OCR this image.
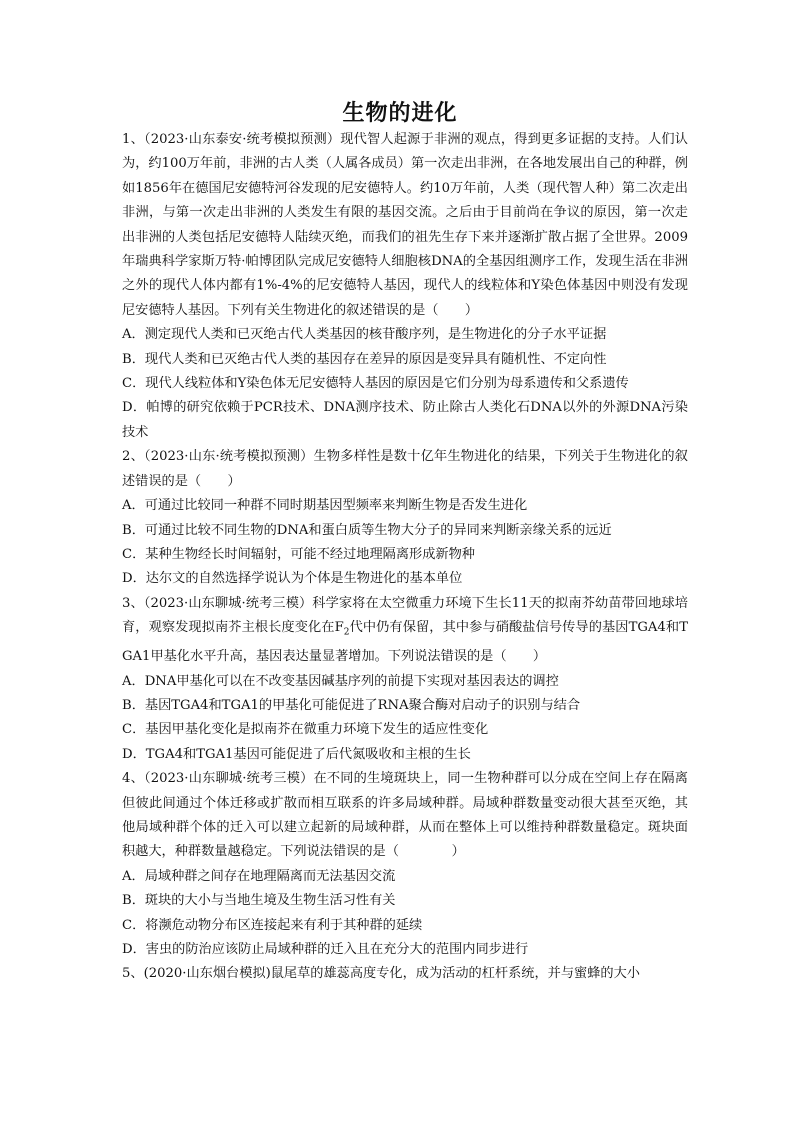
生物的进化

1、（2023·山东泰安·统考模拟预测）现代智人起源于非洲的观点，得到更多证据的支持。人们认为，约100万年前，非洲的古人类（人属各成员）第一次走出非洲，在各地发展出自己的种群，例如1856年在德国尼安德特河谷发现的尼安德特人。约10万年前，人类（现代智人种）第二次走出非洲，与第一次走出非洲的人类发生有限的基因交流。之后由于目前尚在争议的原因，第一次走出非洲的人类包括尼安德特人陆续灭绝，而我们的祖先生存下来并逐渐扩散占据了全世界。2009年瑞典科学家斯万特·帕博团队完成尼安德特人细胞核DNA的全基因组测序工作，发现生活在非洲之外的现代人体内都有1%-4%的尼安德特人基因，现代人的线粒体和Y染色体基因中则没有发现尼安德特人基因。下列有关生物进化的叙述错误的是（　　）

A．测定现代人类和已灭绝古代人类基因的核苷酸序列，是生物进化的分子水平证据

B．现代人类和已灭绝古代人类的基因存在差异的原因是变异具有随机性、不定向性

C．现代人线粒体和Y染色体无尼安德特人基因的原因是它们分别为母系遗传和父系遗传

D．帕博的研究依赖于PCR技术、DNA测序技术、防止除古人类化石DNA以外的外源DNA污染技术

2、（2023·山东·统考模拟预测）生物多样性是数十亿年生物进化的结果，下列关于生物进化的叙述错误的是（　　）

A．可通过比较同一种群不同时期基因型频率来判断生物是否发生进化

B．可通过比较不同生物的DNA和蛋白质等生物大分子的异同来判断亲缘关系的远近

C．某种生物经长时间辐射，可能不经过地理隔离形成新物种

D．达尔文的自然选择学说认为个体是生物进化的基本单位

3、（2023·山东聊城·统考三模）科学家将在太空微重力环境下生长11天的拟南芥幼苗带回地球培育，观察发现拟南芥主根长度变化在$F_2$代中仍有保留，其中参与硝酸盐信号传导的基因TGA4和TGA1甲基化水平升高，基因表达量显著增加。下列说法错误的是（　　）

A．DNA甲基化可以在不改变基因碱基序列的前提下实现对基因表达的调控

B．基因TGA4和TGA1的甲基化可能促进了RNA聚合酶对启动子的识别与结合

C．基因甲基化变化是拟南芥在微重力环境下发生的适应性变化

D．TGA4和TGA1基因可能促进了后代氮吸收和主根的生长

4、（2023·山东聊城·统考三模）在不同的生境斑块上，同一生物种群可以分成在空间上存在隔离但彼此间通过个体迁移或扩散而相互联系的许多局域种群。局域种群数量变动很大甚至灭绝，其他局域种群个体的迁入可以建立起新的局域种群，从而在整体上可以维持种群数量稳定。斑块面积越大，种群数量越稳定。下列说法错误的是（　　　　）

A．局域种群之间存在地理隔离而无法基因交流

B．斑块的大小与当地生境及生物生活习性有关

C．将濒危动物分布区连接起来有利于其种群的延续

D．害虫的防治应该防止局域种群的迁入且在充分大的范围内同步进行

5、(2020·山东烟台模拟)鼠尾草的雄蕊高度专化，成为活动的杠杆系统，并与蜜蜂的大小
